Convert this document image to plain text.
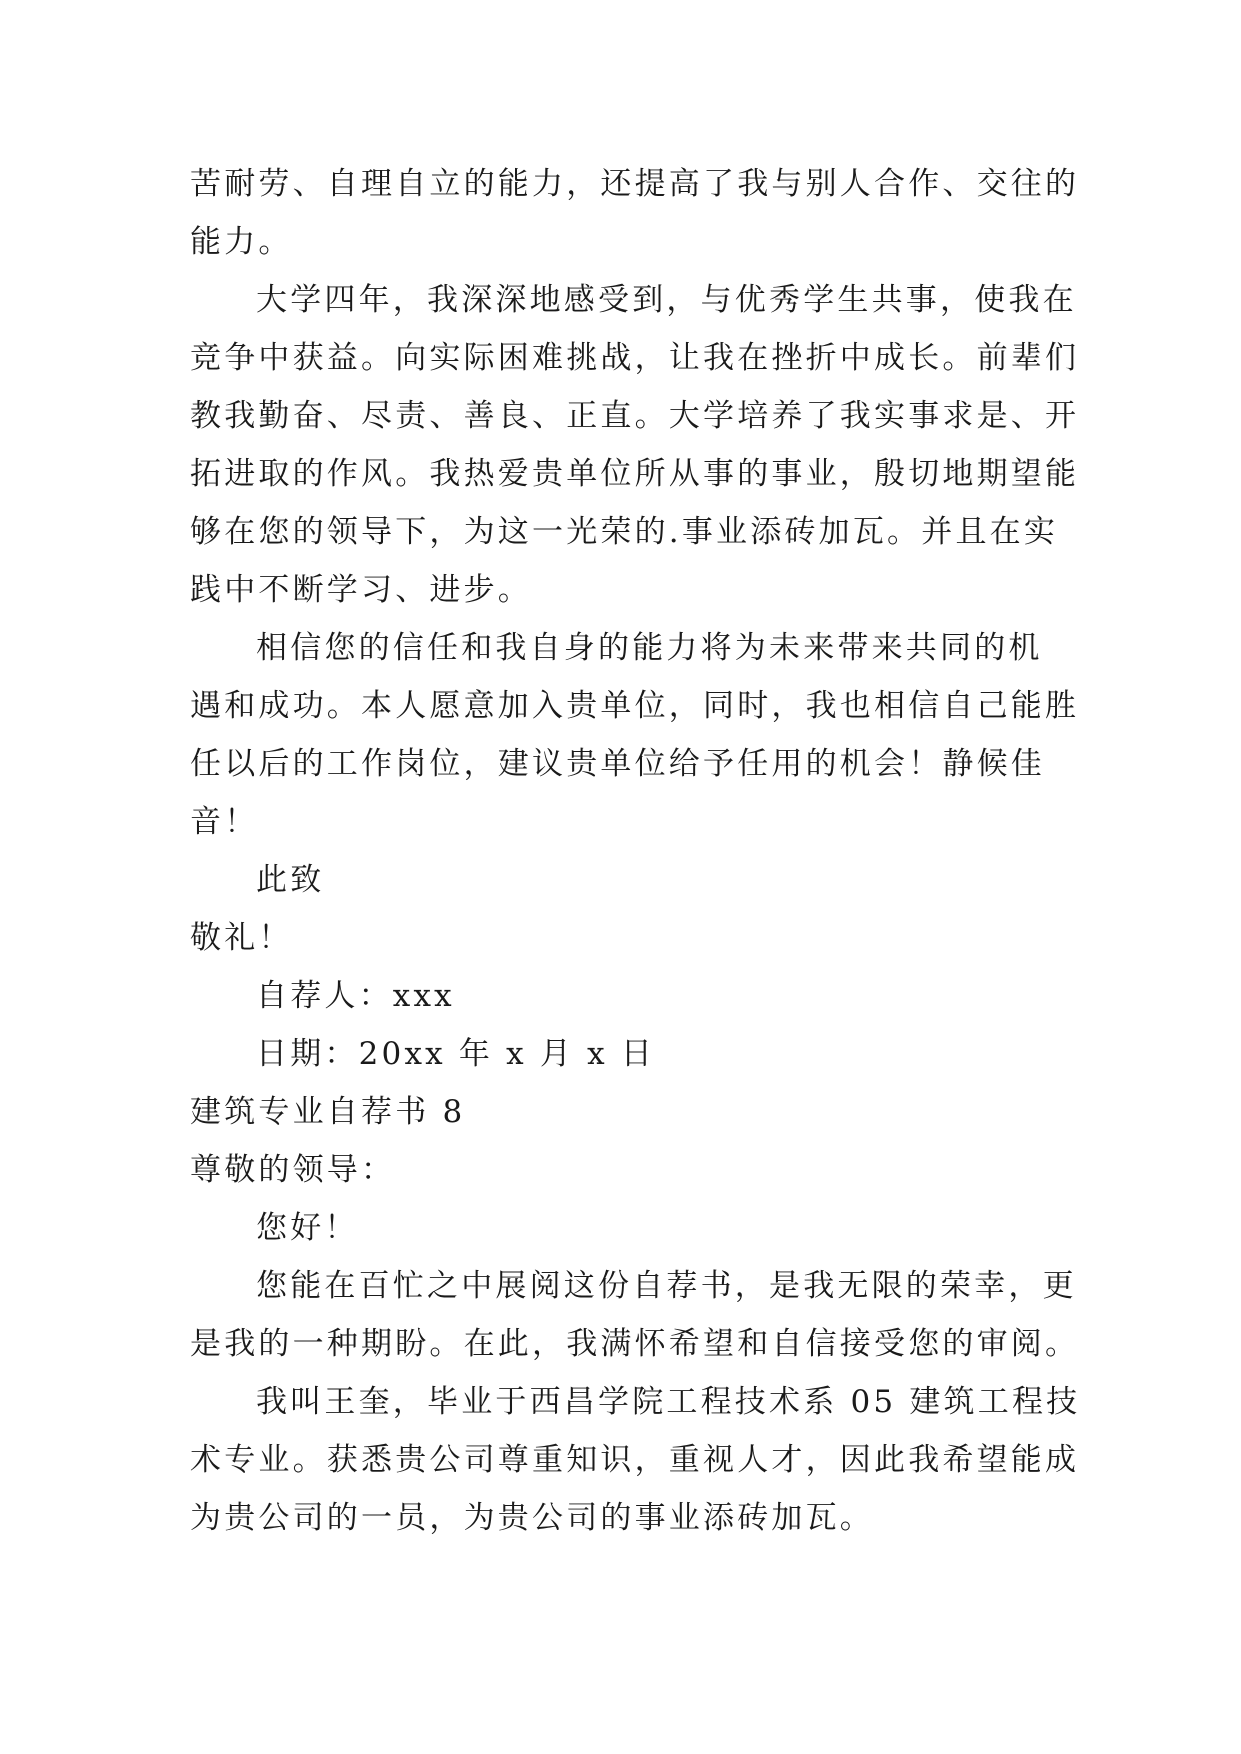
苦耐劳、自理自立的能力，还提高了我与别人合作、交往的
能力。
大学四年，我深深地感受到，与优秀学生共事，使我在
竞争中获益。向实际困难挑战，让我在挫折中成长。前辈们
教我勤奋、尽责、善良、正直。大学培养了我实事求是、开
拓进取的作风。我热爱贵单位所从事的事业，殷切地期望能
够在您的领导下，为这一光荣的.事业添砖加瓦。并且在实
践中不断学习、进步。
相信您的信任和我自身的能力将为未来带来共同的机
遇和成功。本人愿意加入贵单位，同时，我也相信自己能胜
任以后的工作岗位，建议贵单位给予任用的机会！静候佳
音！
此致
敬礼！
自荐人：xxx
日期：20xx 年 x 月 x 日
建筑专业自荐书 8
尊敬的领导：
您好！
您能在百忙之中展阅这份自荐书，是我无限的荣幸，更
是我的一种期盼。在此，我满怀希望和自信接受您的审阅。
我叫王奎，毕业于西昌学院工程技术系 05 建筑工程技
术专业。获悉贵公司尊重知识，重视人才，因此我希望能成
为贵公司的一员，为贵公司的事业添砖加瓦。
